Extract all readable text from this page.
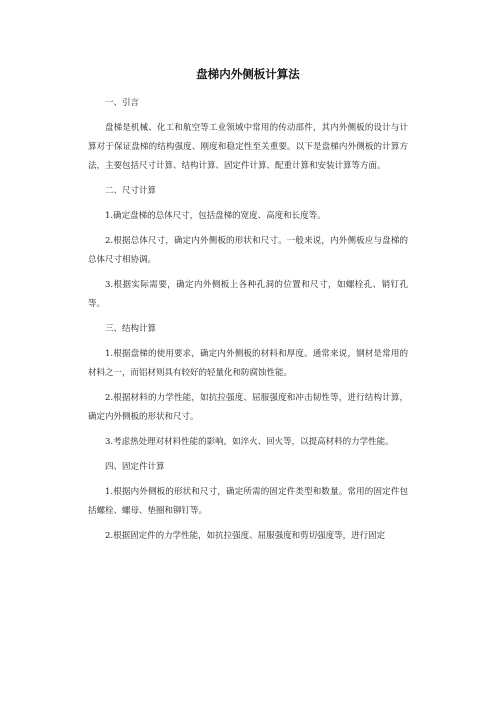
盘梯内外侧板计算法
一、引言
盘梯是机械、化工和航空等工业领域中常用的传动部件，其内外侧板的设计与计算对于保证盘梯的结构强度、刚度和稳定性至关重要。以下是盘梯内外侧板的计算方法，主要包括尺寸计算、结构计算、固定件计算、配重计算和安装计算等方面。
二、尺寸计算
1.确定盘梯的总体尺寸，包括盘梯的宽度、高度和长度等。
2.根据总体尺寸，确定内外侧板的形状和尺寸。一般来说，内外侧板应与盘梯的总体尺寸相协调。
3.根据实际需要，确定内外侧板上各种孔洞的位置和尺寸，如螺栓孔、销钉孔等。
三、结构计算
1.根据盘梯的使用要求，确定内外侧板的材料和厚度。通常来说，钢材是常用的材料之一，而铝材则具有较好的轻量化和防腐蚀性能。
2.根据材料的力学性能，如抗拉强度、屈服强度和冲击韧性等，进行结构计算，确定内外侧板的形状和尺寸。
3.考虑热处理对材料性能的影响，如淬火、回火等，以提高材料的力学性能。
四、固定件计算
1.根据内外侧板的形状和尺寸，确定所需的固定件类型和数量。常用的固定件包括螺栓、螺母、垫圈和铆钉等。
2.根据固定件的力学性能，如抗拉强度、屈服强度和剪切强度等，进行固定
